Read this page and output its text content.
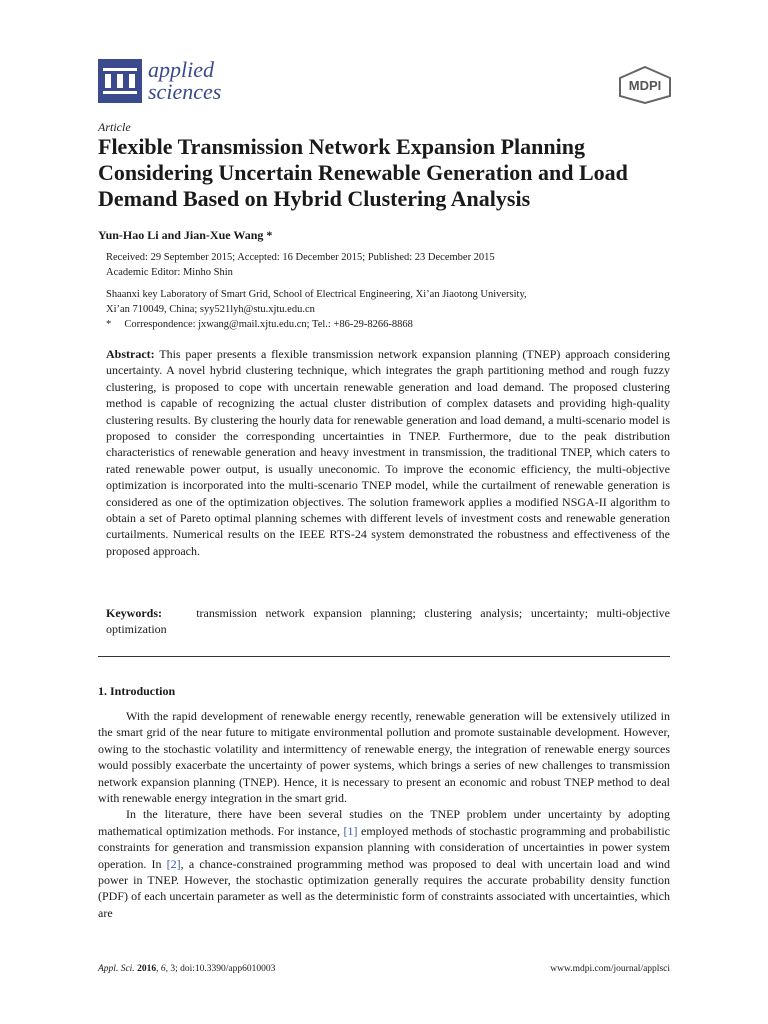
applied
sciences	MDPI
Article
Flexible Transmission Network Expansion Planning Considering Uncertain Renewable Generation and Load Demand Based on Hybrid Clustering Analysis
Yun-Hao Li and Jian-Xue Wang *
Received: 29 September 2015; Accepted: 16 December 2015; Published: 23 December 2015
Academic Editor: Minho Shin
Shaanxi key Laboratory of Smart Grid, School of Electrical Engineering, Xi’an Jiaotong University,
Xi’an 710049, China; syy521lyh@stu.xjtu.edu.cn
* Correspondence: jxwang@mail.xjtu.edu.cn; Tel.: +86-29-8266-8868

Abstract: This paper presents a flexible transmission network expansion planning (TNEP) approach considering uncertainty. A novel hybrid clustering technique, which integrates the graph partitioning method and rough fuzzy clustering, is proposed to cope with uncertain renewable generation and load demand. The proposed clustering method is capable of recognizing the actual cluster distribution of complex datasets and providing high-quality clustering results. By clustering the hourly data for renewable generation and load demand, a multi-scenario model is proposed to consider the corresponding uncertainties in TNEP. Furthermore, due to the peak distribution characteristics of renewable generation and heavy investment in transmission, the traditional TNEP, which caters to rated renewable power output, is usually uneconomic. To improve the economic efficiency, the multi-objective optimization is incorporated into the multi-scenario TNEP model, while the curtailment of renewable generation is considered as one of the optimization objectives. The solution framework applies a modified NSGA-II algorithm to obtain a set of Pareto optimal planning schemes with different levels of investment costs and renewable generation curtailments. Numerical results on the IEEE RTS-24 system demonstrated the robustness and effectiveness of the proposed approach.

Keywords:	transmission network expansion planning; clustering analysis; uncertainty; multi-objective optimization

1. Introduction

With the rapid development of renewable energy recently, renewable generation will be extensively utilized in the smart grid of the near future to mitigate environmental pollution and promote sustainable development. However, owing to the stochastic volatility and intermittency of renewable energy, the integration of renewable energy sources would possibly exacerbate the uncertainty of power systems, which brings a series of new challenges to transmission network expansion planning (TNEP). Hence, it is necessary to present an economic and robust TNEP method to deal with renewable energy integration in the smart grid.

In the literature, there have been several studies on the TNEP problem under uncertainty by adopting mathematical optimization methods. For instance, [1] employed methods of stochastic programming and probabilistic constraints for generation and transmission expansion planning with consideration of uncertainties in power system operation. In [2], a chance-constrained programming method was proposed to deal with uncertain load and wind power in TNEP. However, the stochastic optimization generally requires the accurate probability density function (PDF) of each uncertain parameter as well as the deterministic form of constraints associated with uncertainties, which are

Appl. Sci. 2016, 6, 3; doi:10.3390/app6010003	www.mdpi.com/journal/applsci
